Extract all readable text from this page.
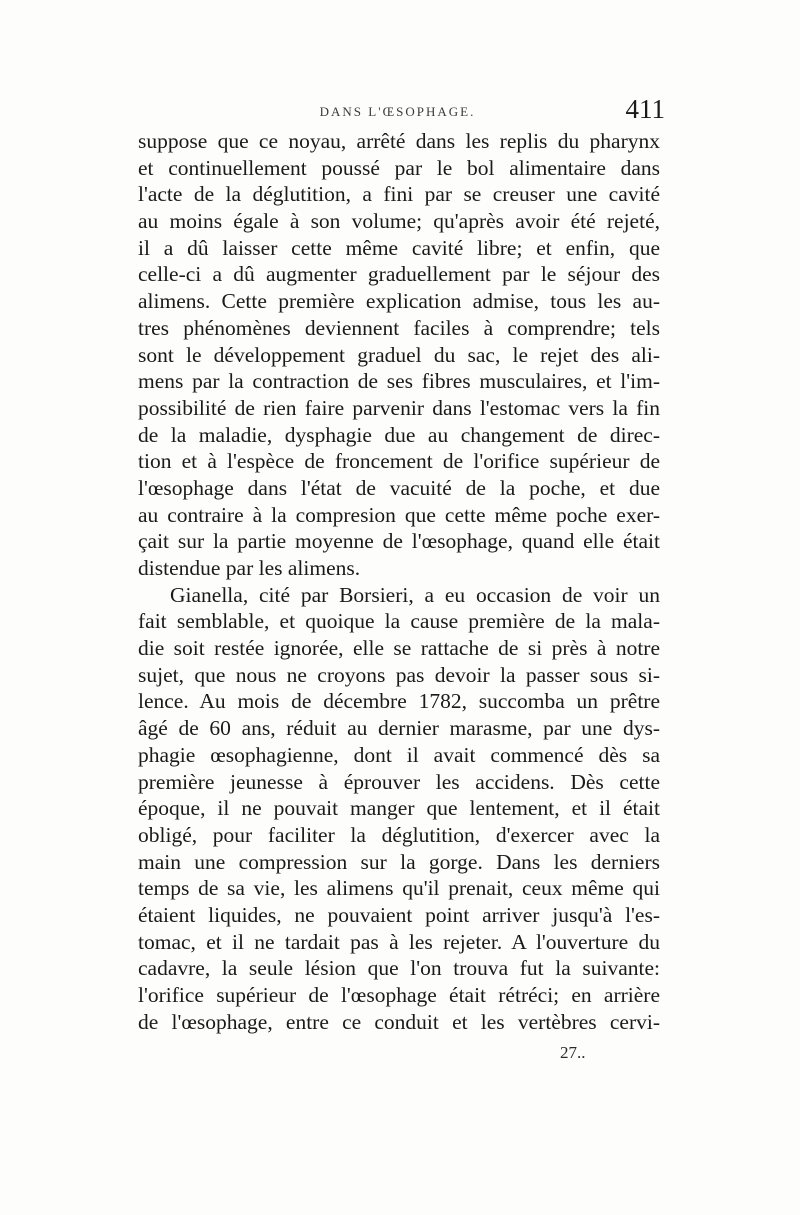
DANS L'ŒSOPHAGE.	411
suppose que ce noyau, arrêté dans les replis du pharynx
et continuellement poussé par le bol alimentaire dans
l'acte de la déglutition, a fini par se creuser une cavité
au moins égale à son volume; qu'après avoir été rejeté,
il a dû laisser cette même cavité libre; et enfin, que
celle-ci a dû augmenter graduellement par le séjour des
alimens. Cette première explication admise, tous les au-
tres phénomènes deviennent faciles à comprendre; tels
sont le développement graduel du sac, le rejet des ali-
mens par la contraction de ses fibres musculaires, et l'im-
possibilité de rien faire parvenir dans l'estomac vers la fin
de la maladie, dysphagie due au changement de direc-
tion et à l'espèce de froncement de l'orifice supérieur de
l'œsophage dans l'état de vacuité de la poche, et due
au contraire à la compresion que cette même poche exer-
çait sur la partie moyenne de l'œsophage, quand elle était
distendue par les alimens.
Gianella, cité par Borsieri, a eu occasion de voir un
fait semblable, et quoique la cause première de la mala-
die soit restée ignorée, elle se rattache de si près à notre
sujet, que nous ne croyons pas devoir la passer sous si-
lence. Au mois de décembre 1782, succomba un prêtre
âgé de 60 ans, réduit au dernier marasme, par une dys-
phagie œsophagienne, dont il avait commencé dès sa
première jeunesse à éprouver les accidens. Dès cette
époque, il ne pouvait manger que lentement, et il était
obligé, pour faciliter la déglutition, d'exercer avec la
main une compression sur la gorge. Dans les derniers
temps de sa vie, les alimens qu'il prenait, ceux même qui
étaient liquides, ne pouvaient point arriver jusqu'à l'es-
tomac, et il ne tardait pas à les rejeter. A l'ouverture du
cadavre, la seule lésion que l'on trouva fut la suivante:
l'orifice supérieur de l'œsophage était rétréci; en arrière
de l'œsophage, entre ce conduit et les vertèbres cervi-
27..
